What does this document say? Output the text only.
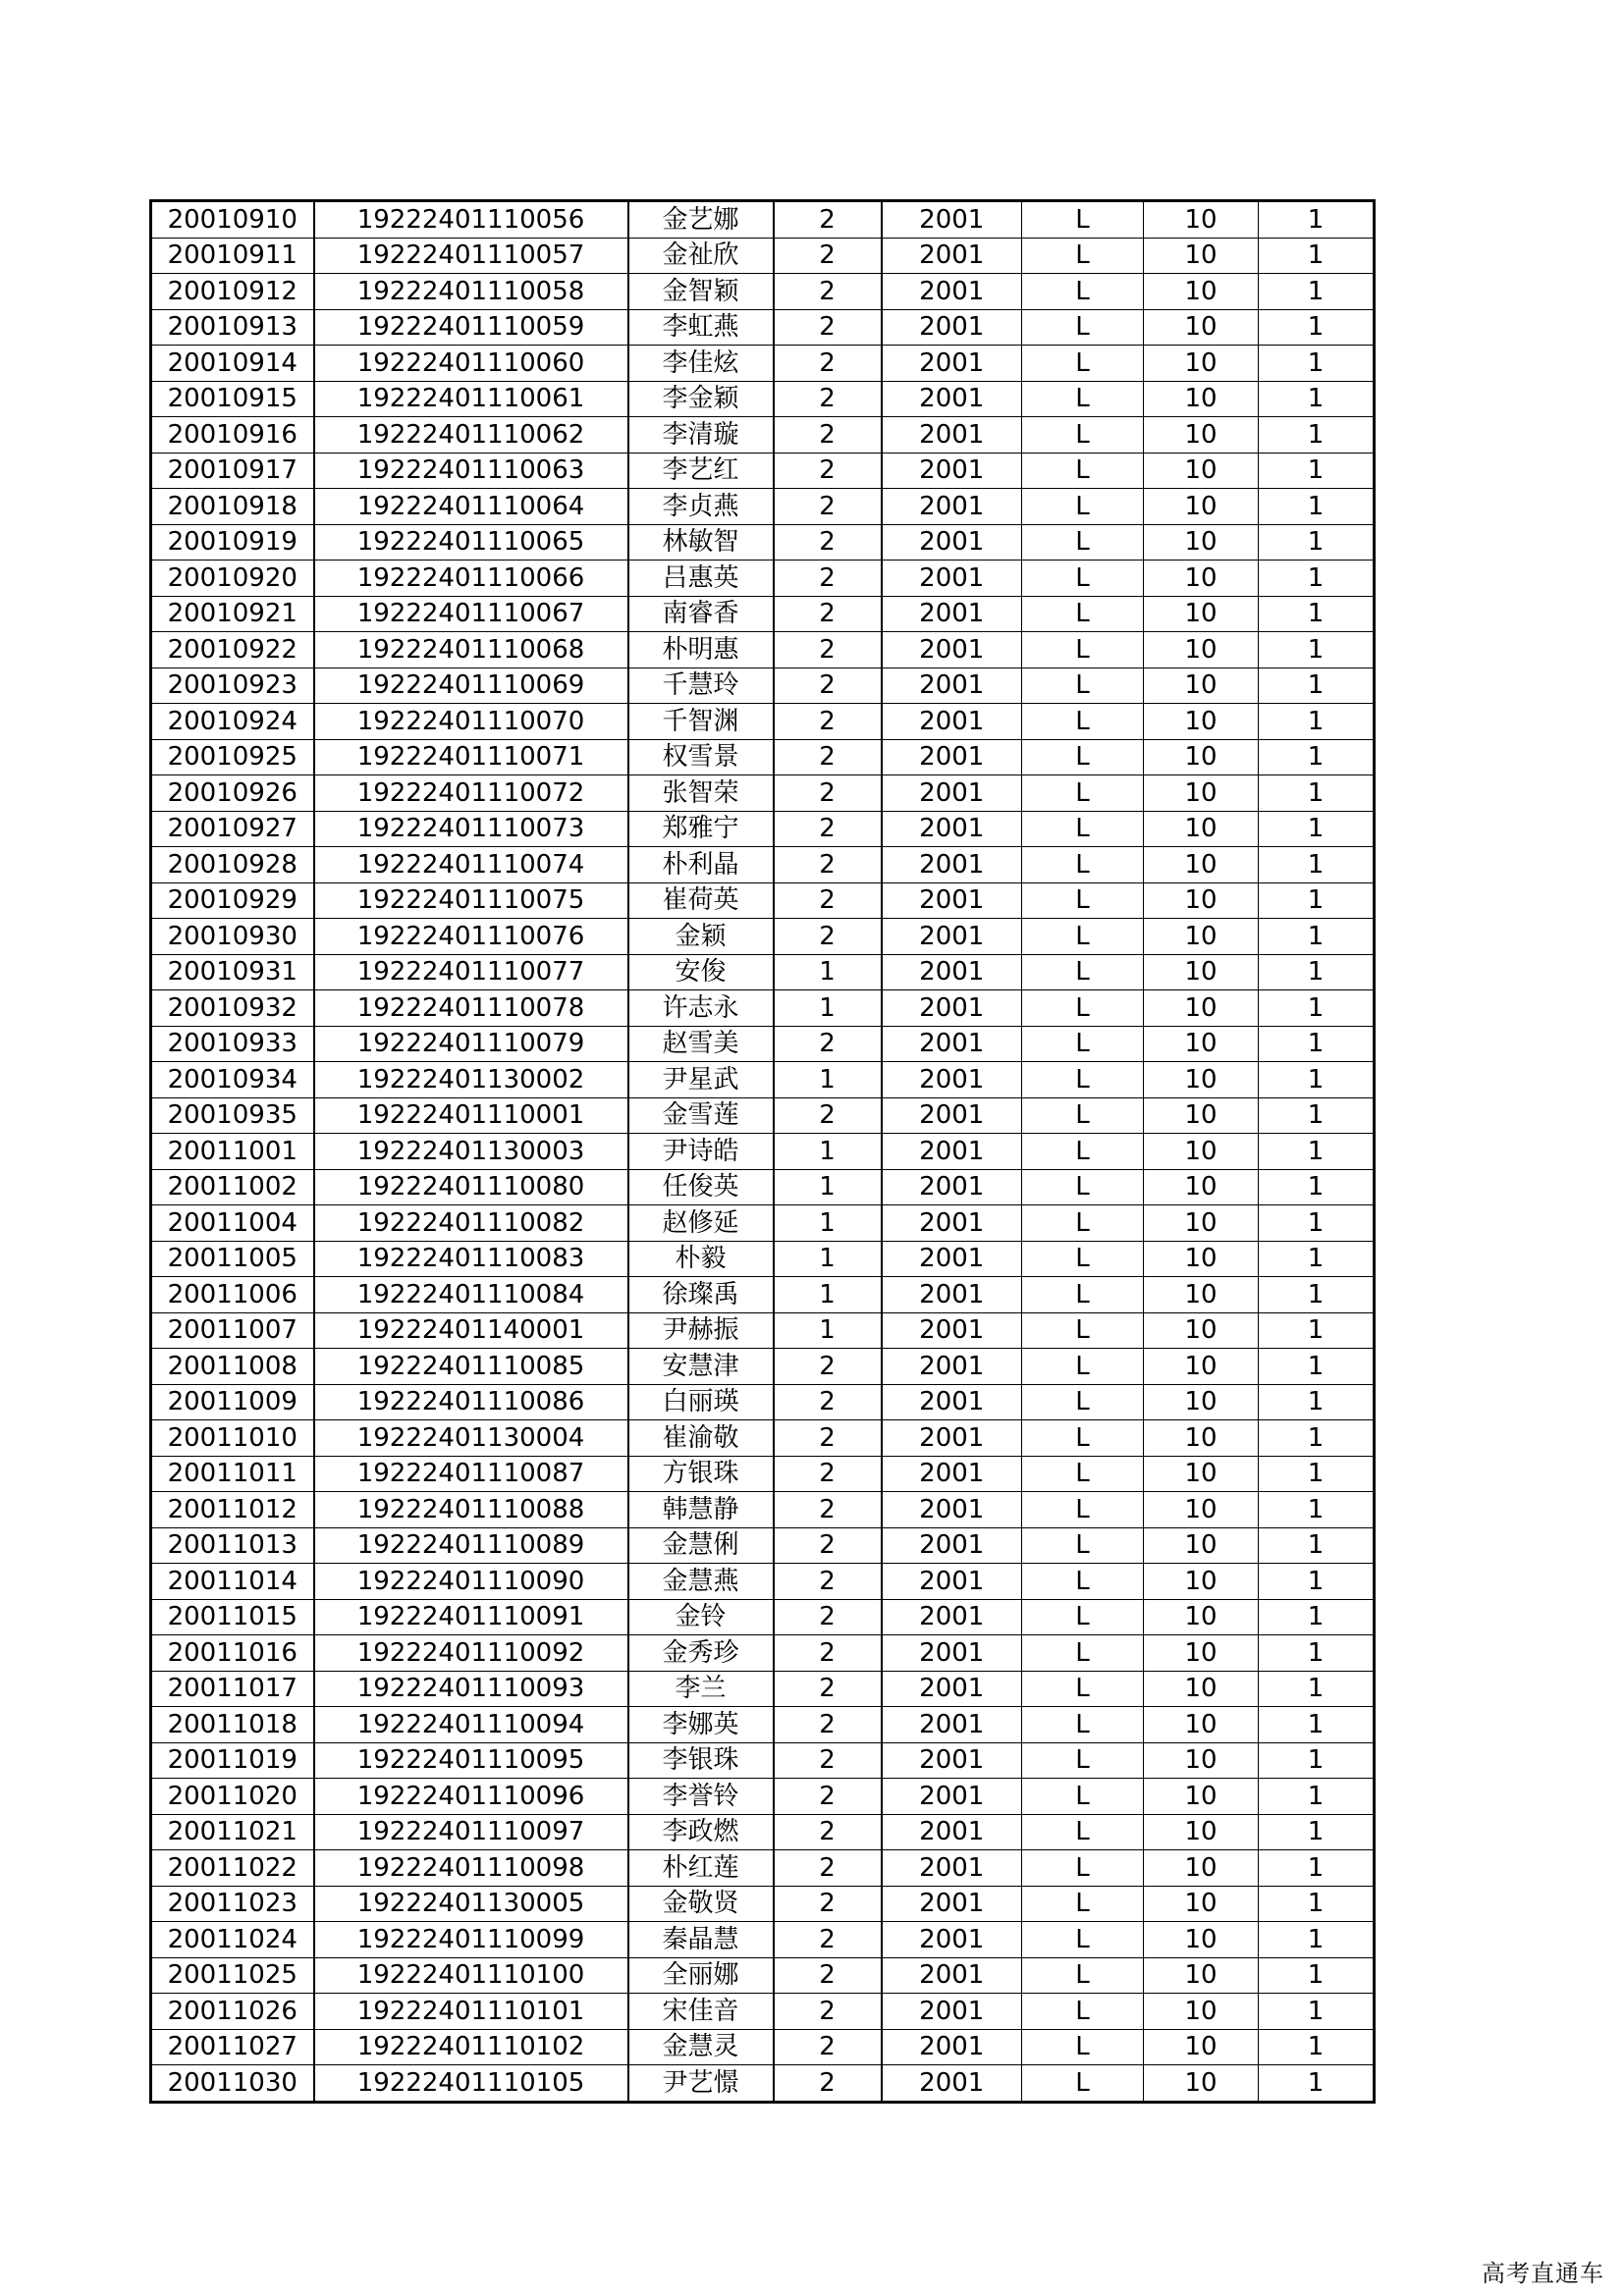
20010910	19222401110056	金艺娜	2	2001	L	10	1
20010911	19222401110057	金祉欣	2	2001	L	10	1
20010912	19222401110058	金智颖	2	2001	L	10	1
20010913	19222401110059	李虹燕	2	2001	L	10	1
20010914	19222401110060	李佳炫	2	2001	L	10	1
20010915	19222401110061	李金颖	2	2001	L	10	1
20010916	19222401110062	李清璇	2	2001	L	10	1
20010917	19222401110063	李艺红	2	2001	L	10	1
20010918	19222401110064	李贞燕	2	2001	L	10	1
20010919	19222401110065	林敏智	2	2001	L	10	1
20010920	19222401110066	吕惠英	2	2001	L	10	1
20010921	19222401110067	南睿香	2	2001	L	10	1
20010922	19222401110068	朴明惠	2	2001	L	10	1
20010923	19222401110069	千慧玲	2	2001	L	10	1
20010924	19222401110070	千智渊	2	2001	L	10	1
20010925	19222401110071	权雪景	2	2001	L	10	1
20010926	19222401110072	张智荣	2	2001	L	10	1
20010927	19222401110073	郑雅宁	2	2001	L	10	1
20010928	19222401110074	朴利晶	2	2001	L	10	1
20010929	19222401110075	崔荷英	2	2001	L	10	1
20010930	19222401110076	金颖	2	2001	L	10	1
20010931	19222401110077	安俊	1	2001	L	10	1
20010932	19222401110078	许志永	1	2001	L	10	1
20010933	19222401110079	赵雪美	2	2001	L	10	1
20010934	19222401130002	尹星武	1	2001	L	10	1
20010935	19222401110001	金雪莲	2	2001	L	10	1
20011001	19222401130003	尹诗皓	1	2001	L	10	1
20011002	19222401110080	任俊英	1	2001	L	10	1
20011004	19222401110082	赵修延	1	2001	L	10	1
20011005	19222401110083	朴毅	1	2001	L	10	1
20011006	19222401110084	徐璨禹	1	2001	L	10	1
20011007	19222401140001	尹赫振	1	2001	L	10	1
20011008	19222401110085	安慧津	2	2001	L	10	1
20011009	19222401110086	白丽瑛	2	2001	L	10	1
20011010	19222401130004	崔渝敬	2	2001	L	10	1
20011011	19222401110087	方银珠	2	2001	L	10	1
20011012	19222401110088	韩慧静	2	2001	L	10	1
20011013	19222401110089	金慧俐	2	2001	L	10	1
20011014	19222401110090	金慧燕	2	2001	L	10	1
20011015	19222401110091	金铃	2	2001	L	10	1
20011016	19222401110092	金秀珍	2	2001	L	10	1
20011017	19222401110093	李兰	2	2001	L	10	1
20011018	19222401110094	李娜英	2	2001	L	10	1
20011019	19222401110095	李银珠	2	2001	L	10	1
20011020	19222401110096	李誉铃	2	2001	L	10	1
20011021	19222401110097	李政燃	2	2001	L	10	1
20011022	19222401110098	朴红莲	2	2001	L	10	1
20011023	19222401130005	金敬贤	2	2001	L	10	1
20011024	19222401110099	秦晶慧	2	2001	L	10	1
20011025	19222401110100	全丽娜	2	2001	L	10	1
20011026	19222401110101	宋佳音	2	2001	L	10	1
20011027	19222401110102	金慧灵	2	2001	L	10	1
20011030	19222401110105	尹艺憬	2	2001	L	10	1
高考直通车
